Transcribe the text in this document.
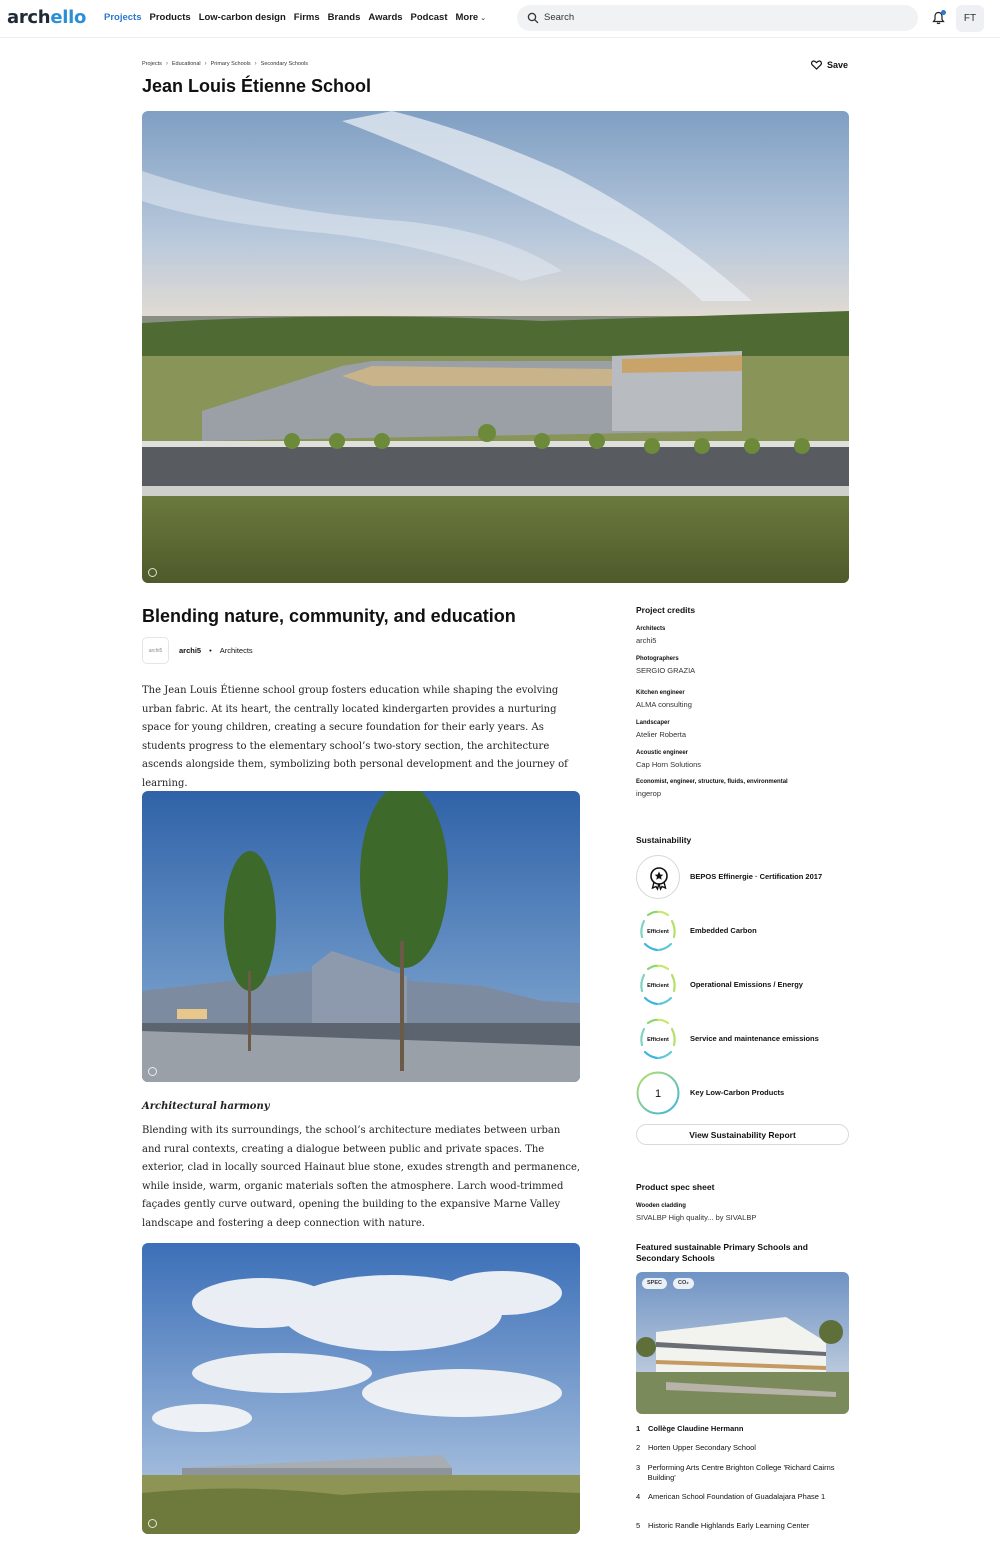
archello Projects Products Low-carbon design Firms Brands Awards Podcast More ⌄	Search	FT
Projects › Educational › Primary Schools › Secondary Schools
Jean Louis Étienne School
Save
Blending nature, community, and education
archi5	archi5 • Architects
The Jean Louis Étienne school group fosters education while shaping the evolving urban fabric. At its heart, the centrally located kindergarten provides a nurturing space for young children, creating a secure foundation for their early years. As students progress to the elementary school’s two-story section, the architecture ascends alongside them, symbolizing both personal development and the journey of learning.
Architectural harmony
Blending with its surroundings, the school’s architecture mediates between urban and rural contexts, creating a dialogue between public and private spaces. The exterior, clad in locally sourced Hainaut blue stone, exudes strength and permanence, while inside, warm, organic materials soften the atmosphere. Larch wood-trimmed façades gently curve outward, opening the building to the expansive Marne Valley landscape and fostering a deep connection with nature.
Project credits
Architects
archi5
Photographers
SERGIO GRAZIA
Kitchen engineer
ALMA consulting
Landscaper
Atelier Roberta
Acoustic engineer
Cap Horn Solutions
Economist, engineer, structure, fluids, environmental
ingerop
Sustainability
BEPOS Effinergie · Certification 2017
Efficient	Embedded Carbon
Efficient	Operational Emissions / Energy
Efficient	Service and maintenance emissions
1	Key Low-Carbon Products
View Sustainability Report
Product spec sheet
Wooden cladding
SIVALBP High quality... by SIVALBP
Featured sustainable Primary Schools and Secondary Schools
SPEC	CO₂
1 Collège Claudine Hermann
2 Horten Upper Secondary School
3 Performing Arts Centre Brighton College 'Richard Cairns Building'
4 American School Foundation of Guadalajara Phase 1
5 Historic Randle Highlands Early Learning Center
